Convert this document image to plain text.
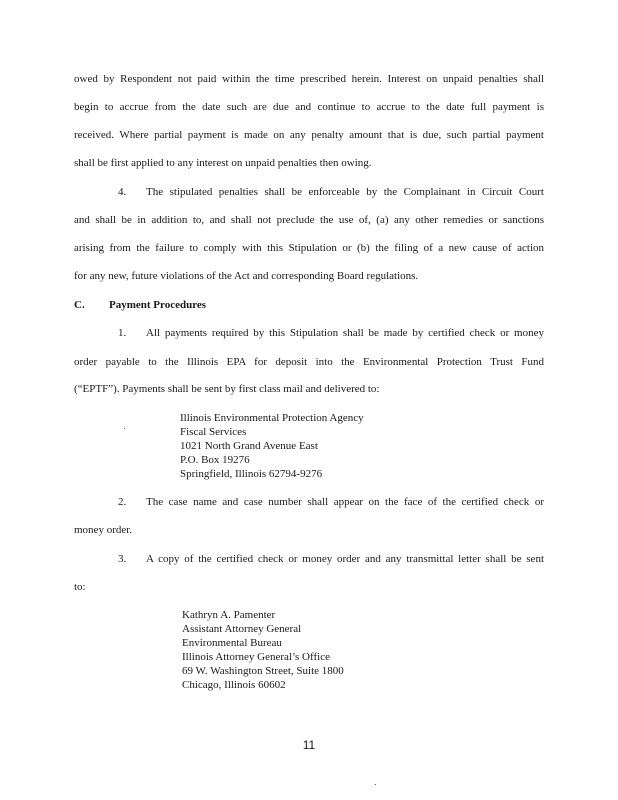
owed by Respondent not paid within the time prescribed herein. Interest on unpaid penalties shall
begin to accrue from the date such are due and continue to accrue to the date full payment is
received. Where partial payment is made on any penalty amount that is due, such partial payment
shall be first applied to any interest on unpaid penalties then owing.
4. The stipulated penalties shall be enforceable by the Complainant in Circuit Court
and shall be in addition to, and shall not preclude the use of, (a) any other remedies or sanctions
arising from the failure to comply with this Stipulation or (b) the filing of a new cause of action
for any new, future violations of the Act and corresponding Board regulations.
C. Payment Procedures
1. All payments required by this Stipulation shall be made by certified check or money
order payable to the Illinois EPA for deposit into the Environmental Protection Trust Fund
(“EPTF”). Payments shall be sent by first class mail and delivered to:
Illinois Environmental Protection Agency
Fiscal Services
1021 North Grand Avenue East
P.O. Box 19276
Springfield, Illinois 62794-9276
2. The case name and case number shall appear on the face of the certified check or
money order.
3. A copy of the certified check or money order and any transmittal letter shall be sent
to:
Kathryn A. Pamenter
Assistant Attorney General
Environmental Bureau
Illinois Attorney General’s Office
69 W. Washington Street, Suite 1800
Chicago, Illinois 60602
11
